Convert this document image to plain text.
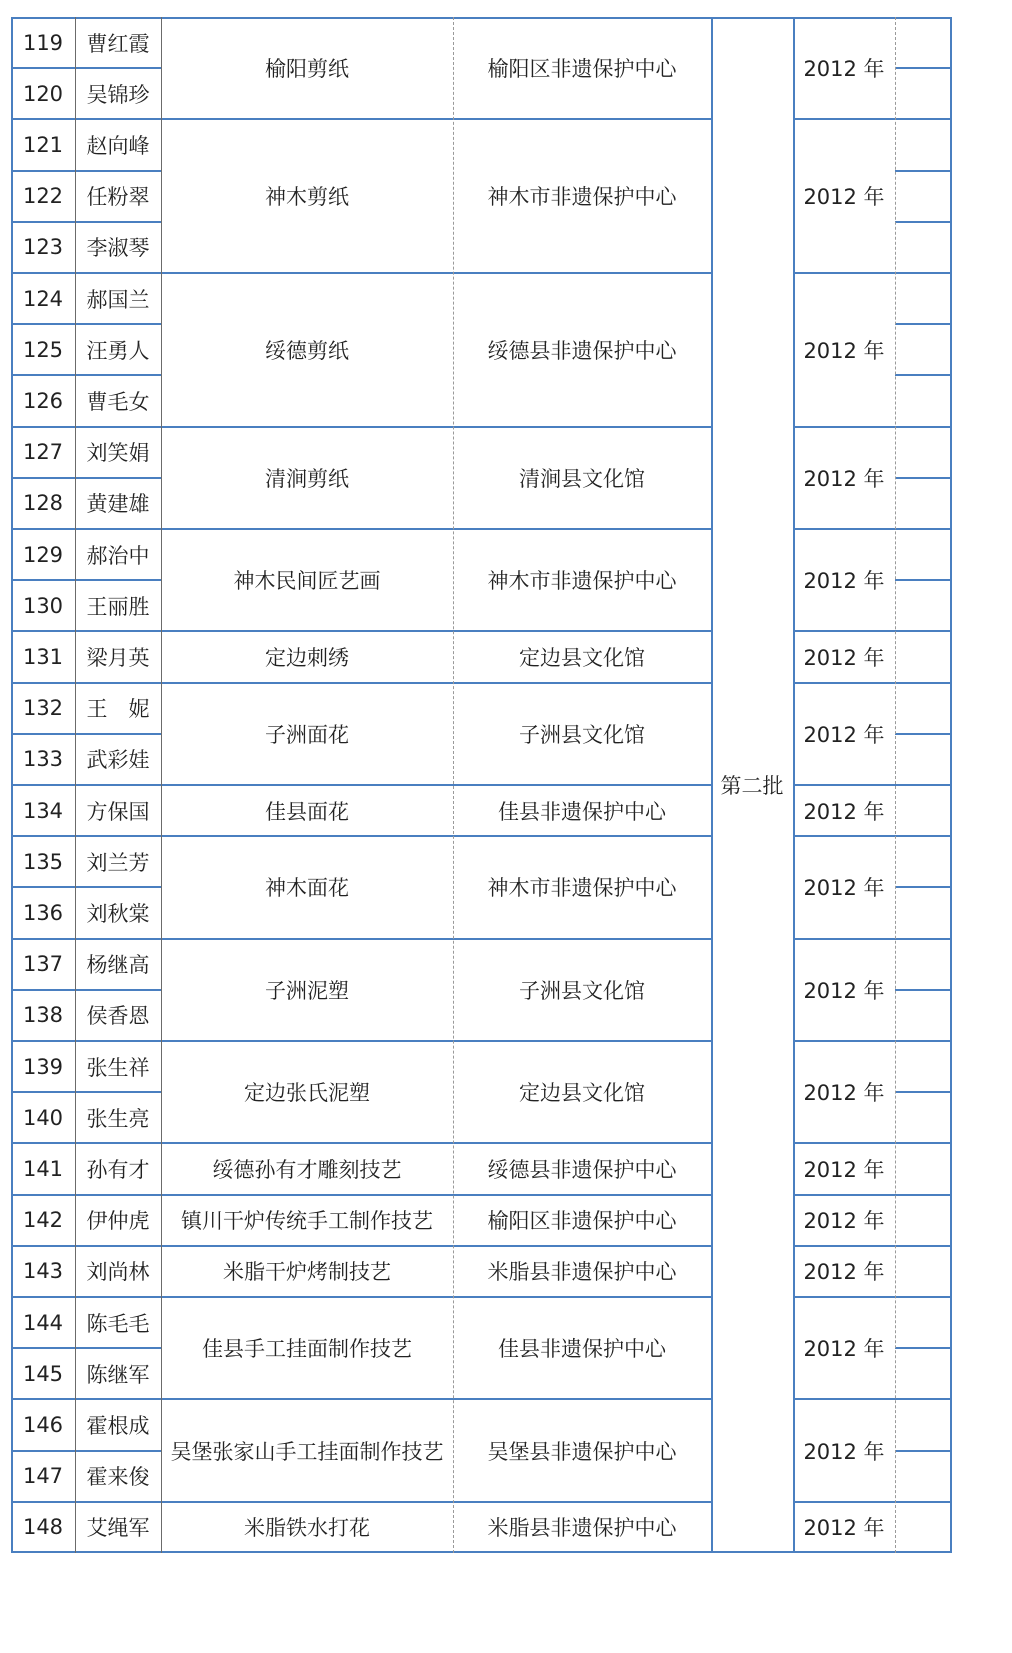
119	曹红霞
120	吴锦珍
榆阳剪纸	榆阳区非遗保护中心	2012 年
121	赵向峰
122	任粉翠
123	李淑琴
神木剪纸	神木市非遗保护中心	2012 年
124	郝国兰
125	汪勇人
126	曹毛女
绥德剪纸	绥德县非遗保护中心	2012 年
127	刘笑娟
128	黄建雄
清涧剪纸	清涧县文化馆	2012 年
129	郝治中
130	王丽胜
神木民间匠艺画	神木市非遗保护中心	2012 年
131	梁月英	定边刺绣	定边县文化馆	2012 年
132	王　妮
133	武彩娃
子洲面花	子洲县文化馆	2012 年
134	方保国	佳县面花	佳县非遗保护中心	2012 年
135	刘兰芳
136	刘秋棠
神木面花	神木市非遗保护中心	2012 年
137	杨继高
138	侯香恩
子洲泥塑	子洲县文化馆	2012 年
139	张生祥
140	张生亮
定边张氏泥塑	定边县文化馆	2012 年
141	孙有才	绥德孙有才雕刻技艺	绥德县非遗保护中心	2012 年
142	伊仲虎	镇川干炉传统手工制作技艺	榆阳区非遗保护中心	2012 年
143	刘尚林	米脂干炉烤制技艺	米脂县非遗保护中心	2012 年
144	陈毛毛
145	陈继军
佳县手工挂面制作技艺	佳县非遗保护中心	2012 年
146	霍根成
147	霍来俊
吴堡张家山手工挂面制作技艺	吴堡县非遗保护中心	2012 年
148	艾绳军	米脂铁水打花	米脂县非遗保护中心	2012 年
第二批
